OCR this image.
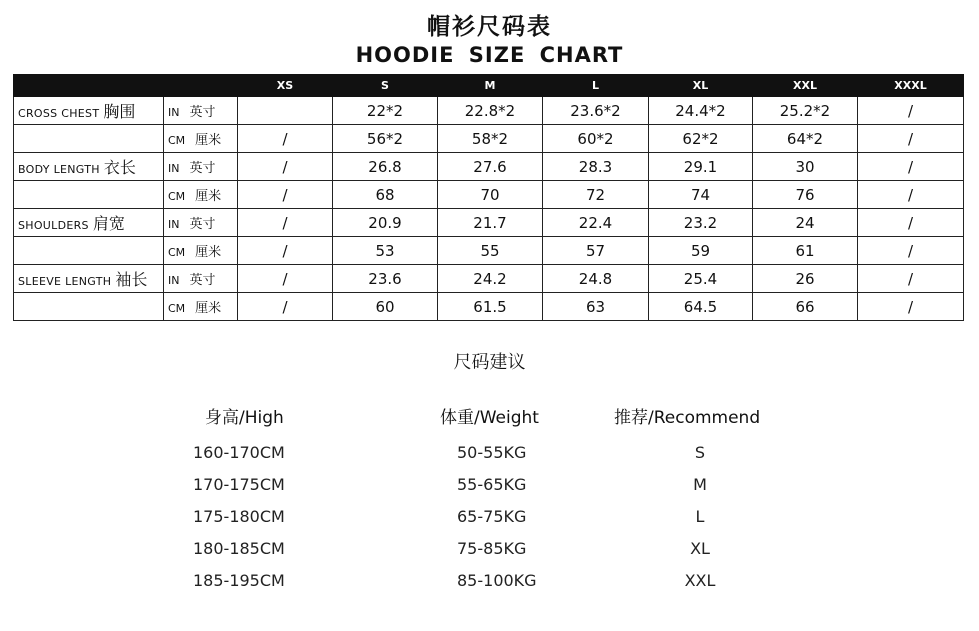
帽衫尺码表
HOODIE SIZE CHART
		XS	S	M	L	XL	XXL	XXXL
CROSS CHEST 胸围	IN 英寸		22*2	22.8*2	23.6*2	24.4*2	25.2*2	/
	CM 厘米	/	56*2	58*2	60*2	62*2	64*2	/
BODY LENGTH 衣长	IN 英寸	/	26.8	27.6	28.3	29.1	30	/
	CM 厘米	/	68	70	72	74	76	/
SHOULDERS 肩宽	IN 英寸	/	20.9	21.7	22.4	23.2	24	/
	CM 厘米	/	53	55	57	59	61	/
SLEEVE LENGTH 袖长	IN 英寸	/	23.6	24.2	24.8	25.4	26	/
	CM 厘米	/	60	61.5	63	64.5	66	/
尺码建议
身高/High	体重/Weight	推荐/Recommend
160-170CM	50-55KG	S
170-175CM	55-65KG	M
175-180CM	65-75KG	L
180-185CM	75-85KG	XL
185-195CM	85-100KG	XXL
